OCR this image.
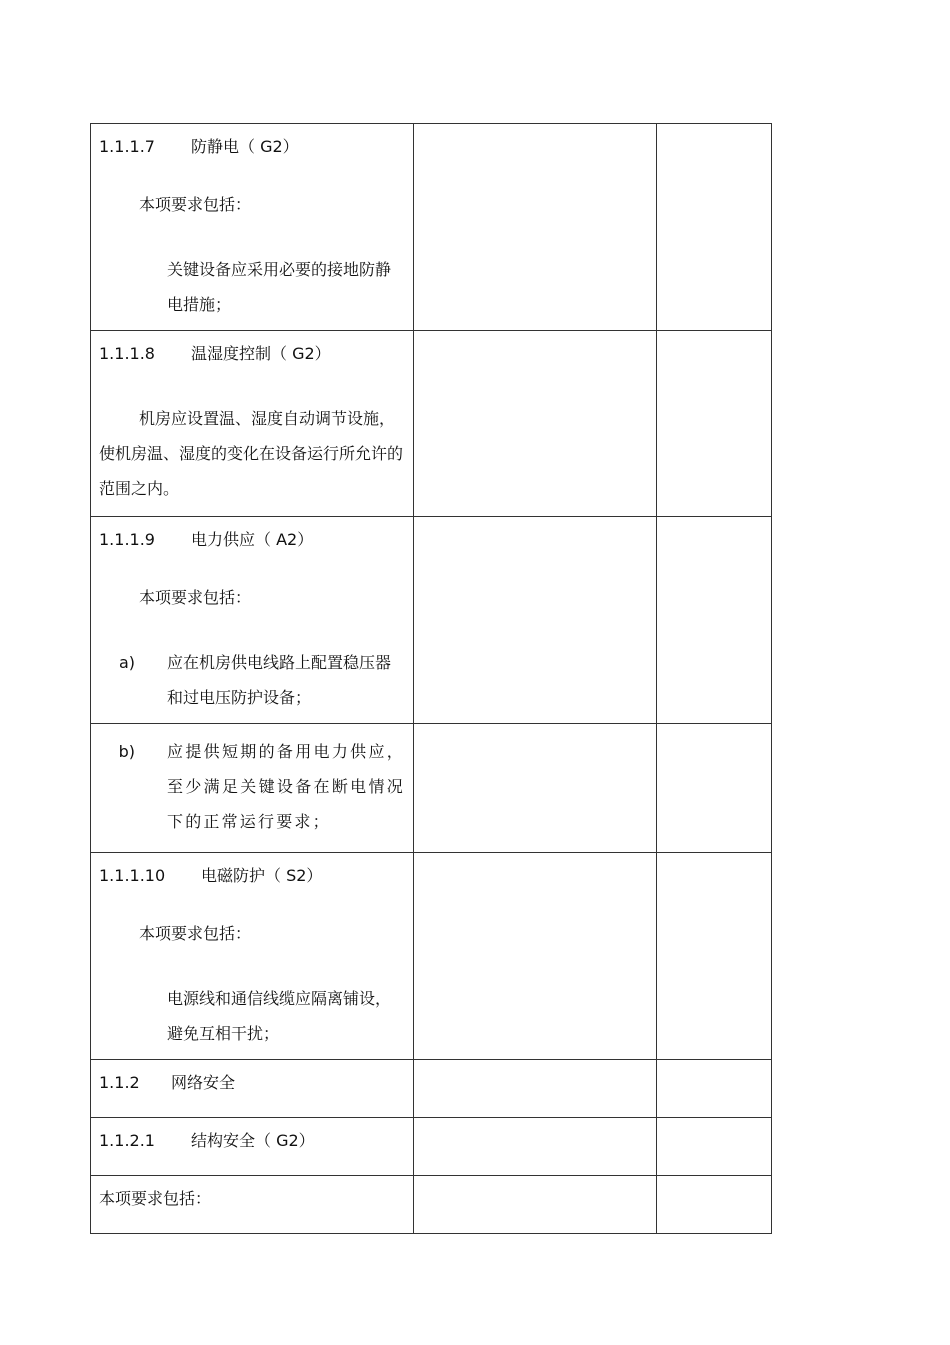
1.1.1.7 防静电（ G2）
本项要求包括：
关键设备应采用必要的接地防静电措施；		

1.1.1.8 温湿度控制（ G2）
机房应设置温、湿度自动调节设施，使机房温、湿度的变化在设备运行所允许的范围之内。		

1.1.1.9 电力供应（ A2）
本项要求包括：
a) 应在机房供电线路上配置稳压器和过电压防护设备；		

b) 应提供短期的备用电力供应，至少满足关键设备在断电情况下的正常运行要求；		

1.1.1.10 电磁防护（ S2）
本项要求包括：
电源线和通信线缆应隔离铺设，避免互相干扰；		

1.1.2 网络安全		

1.1.2.1 结构安全（ G2）		

本项要求包括：		
